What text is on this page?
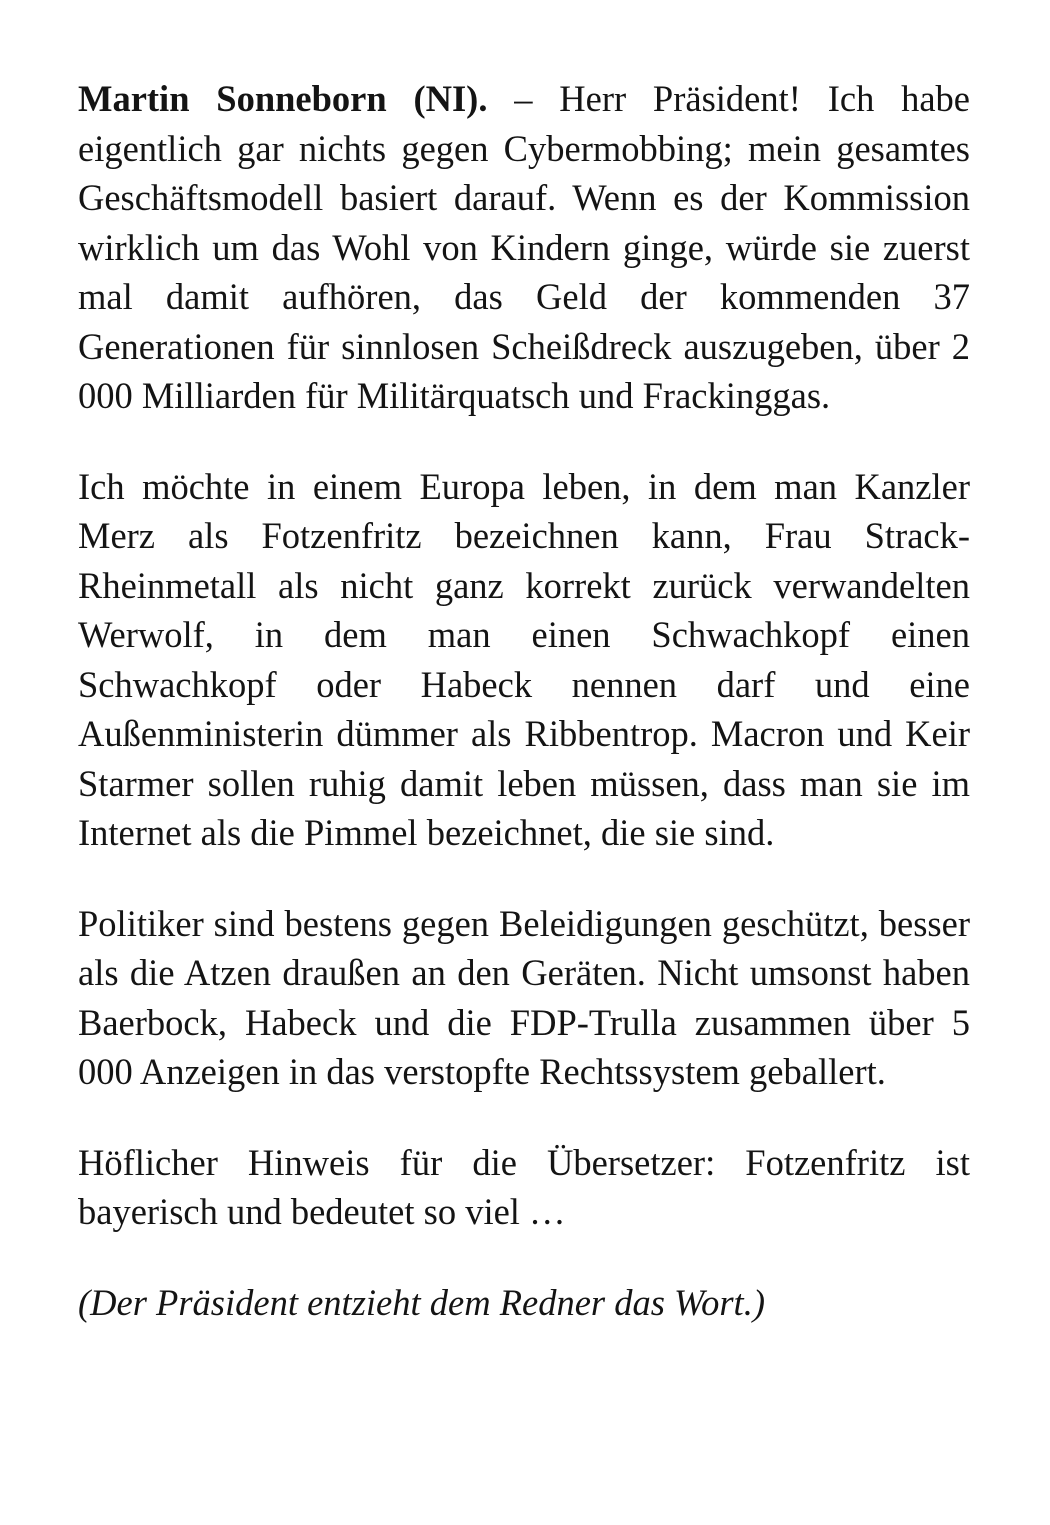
Martin Sonneborn (NI). – Herr Präsident! Ich habe eigentlich gar nichts gegen Cybermobbing; mein gesamtes Geschäftsmodell basiert darauf. Wenn es der Kommission wirklich um das Wohl von Kindern ginge, würde sie zuerst mal damit aufhören, das Geld der kommenden 37 Generationen für sinnlosen Scheißdreck auszugeben, über 2 000 Milliarden für Militärquatsch und Frackinggas.

Ich möchte in einem Europa leben, in dem man Kanzler Merz als Fotzenfritz bezeichnen kann, Frau Strack-Rheinmetall als nicht ganz korrekt zurück verwandelten Werwolf, in dem man einen Schwachkopf einen Schwachkopf oder Habeck nennen darf und eine Außenministerin dümmer als Ribbentrop. Macron und Keir Starmer sollen ruhig damit leben müssen, dass man sie im Internet als die Pimmel bezeichnet, die sie sind.

Politiker sind bestens gegen Beleidigungen geschützt, besser als die Atzen draußen an den Geräten. Nicht umsonst haben Baerbock, Habeck und die FDP-Trulla zusammen über 5 000 Anzeigen in das verstopfte Rechtssystem geballert.

Höflicher Hinweis für die Übersetzer: Fotzenfritz ist bayerisch und bedeutet so viel …

(Der Präsident entzieht dem Redner das Wort.)
